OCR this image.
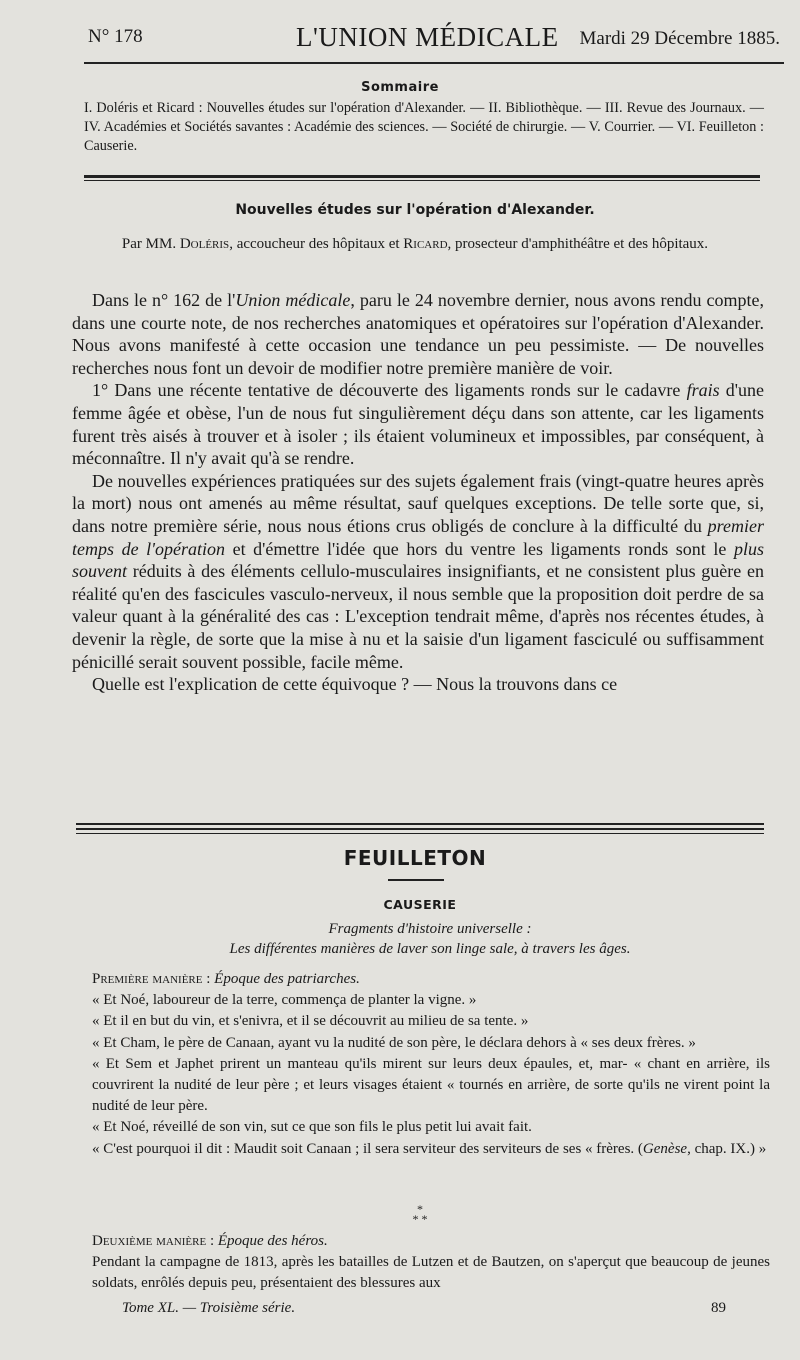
N° 178	L'UNION MÉDICALE Mardi 29 Décembre 1885.
Sommaire
I. Doléris et Ricard : Nouvelles études sur l'opération d'Alexander. — II. Bibliothèque. — III. Revue des Journaux. — IV. Académies et Sociétés savantes : Académie des sciences. — Société de chirurgie. — V. Courrier. — VI. Feuilleton : Causerie.
Nouvelles études sur l'opération d'Alexander.
Par MM. Doléris, accoucheur des hôpitaux et Ricard, prosecteur d'amphithéâtre et des hôpitaux.

Dans le n° 162 de l'Union médicale, paru le 24 novembre dernier, nous avons rendu compte, dans une courte note, de nos recherches anatomiques et opératoires sur l'opération d'Alexander. Nous avons manifesté à cette occasion une tendance un peu pessimiste. — De nouvelles recherches nous font un devoir de modifier notre première manière de voir.

1° Dans une récente tentative de découverte des ligaments ronds sur le cadavre frais d'une femme âgée et obèse, l'un de nous fut singulièrement déçu dans son attente, car les ligaments furent très aisés à trouver et à isoler ; ils étaient volumineux et impossibles, par conséquent, à méconnaître. Il n'y avait qu'à se rendre.

De nouvelles expériences pratiquées sur des sujets également frais (vingt-quatre heures après la mort) nous ont amenés au même résultat, sauf quelques exceptions. De telle sorte que, si, dans notre première série, nous nous étions crus obligés de conclure à la difficulté du premier temps de l'opération et d'émettre l'idée que hors du ventre les ligaments ronds sont le plus souvent réduits à des éléments cellulo-musculaires insignifiants, et ne consistent plus guère en réalité qu'en des fascicules vasculo-nerveux, il nous semble que la proposition doit perdre de sa valeur quant à la généralité des cas : L'exception tendrait même, d'après nos récentes études, à devenir la règle, de sorte que la mise à nu et la saisie d'un ligament fasciculé ou suffisamment pénicillé serait souvent possible, facile même.

Quelle est l'explication de cette équivoque ? — Nous la trouvons dans ce

FEUILLETON
CAUSERIE
Fragments d'histoire universelle :
Les différentes manières de laver son linge sale, à travers les âges.

Première manière : Époque des patriarches.

« Et Noé, laboureur de la terre, commença de planter la vigne. »

« Et il en but du vin, et s'enivra, et il se découvrit au milieu de sa tente. »

« Et Cham, le père de Canaan, ayant vu la nudité de son père, le déclara dehors à « ses deux frères. »

« Et Sem et Japhet prirent un manteau qu'ils mirent sur leurs deux épaules, et, mar- « chant en arrière, ils couvrirent la nudité de leur père ; et leurs visages étaient « tournés en arrière, de sorte qu'ils ne virent point la nudité de leur père.

« Et Noé, réveillé de son vin, sut ce que son fils le plus petit lui avait fait.

« C'est pourquoi il dit : Maudit soit Canaan ; il sera serviteur des serviteurs de ses « frères. (Genèse, chap. IX.) »

*
* *

Deuxième manière : Époque des héros.

Pendant la campagne de 1813, après les batailles de Lutzen et de Bautzen, on s'aperçut que beaucoup de jeunes soldats, enrôlés depuis peu, présentaient des blessures aux

Tome XL. — Troisième série.	89
